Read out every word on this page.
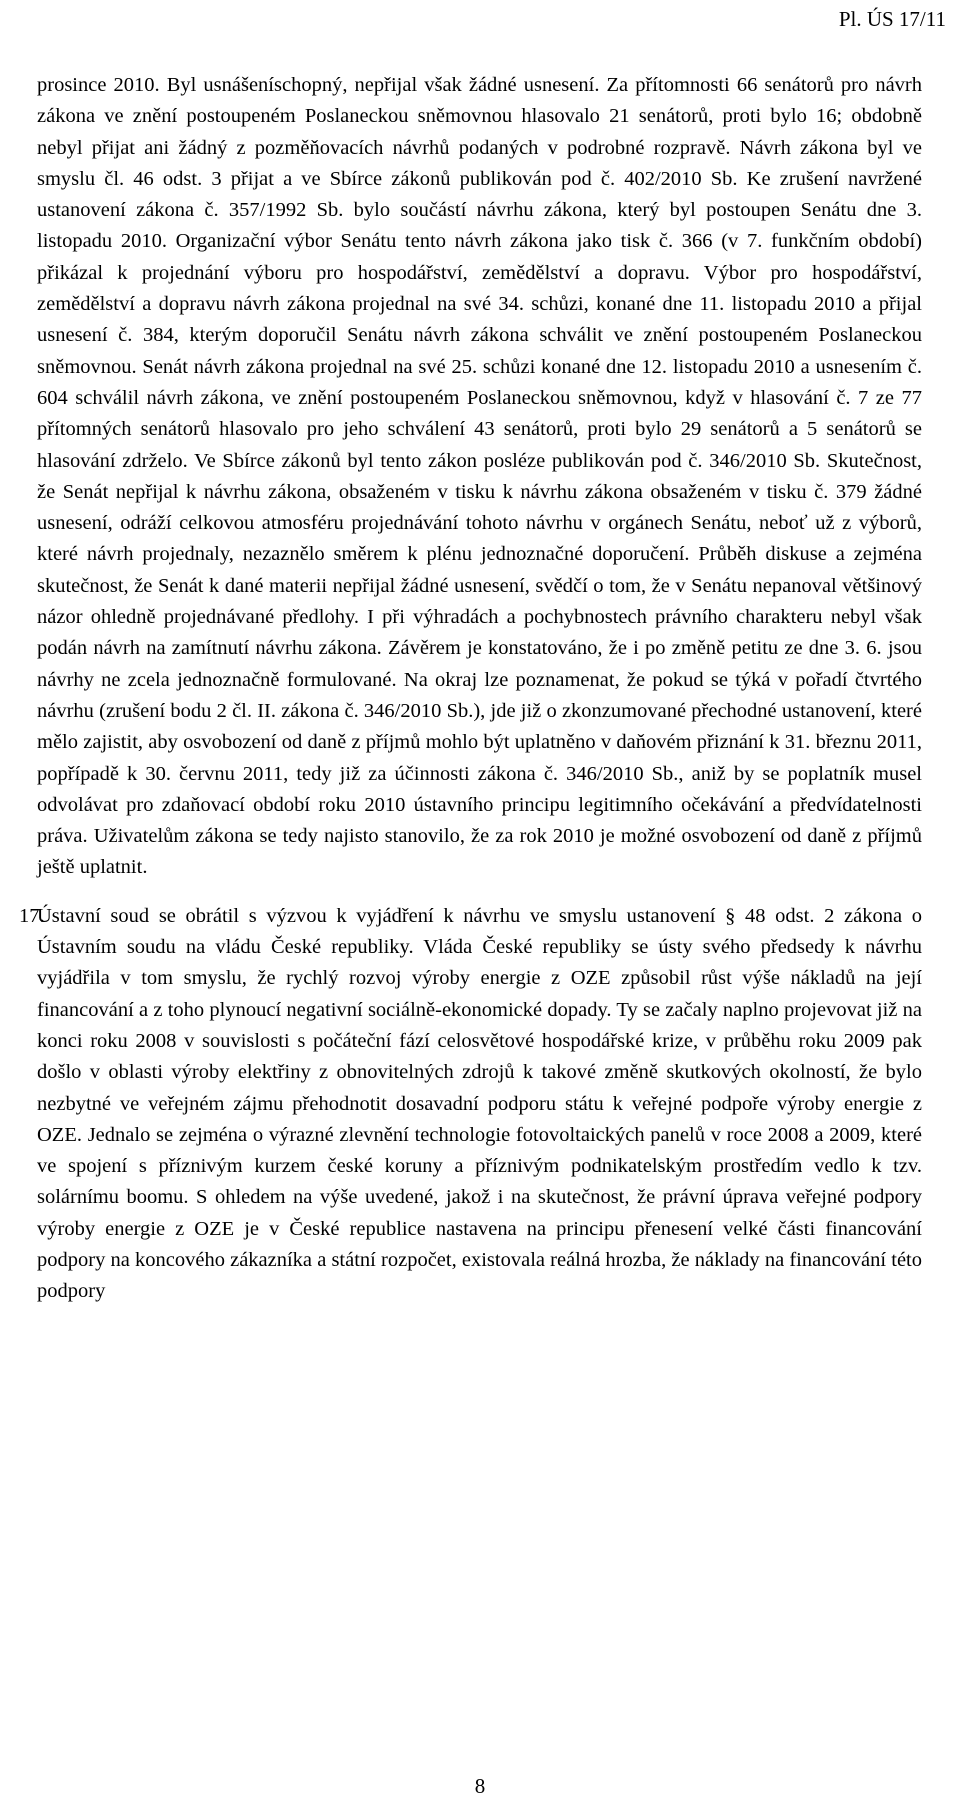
Pl. ÚS 17/11

prosince 2010. Byl usnášeníschopný, nepřijal však žádné usnesení. Za přítomnosti 66 senátorů pro návrh zákona ve znění postoupeném Poslaneckou sněmovnou hlasovalo 21 senátorů, proti bylo 16; obdobně nebyl přijat ani žádný z pozměňovacích návrhů podaných v podrobné rozpravě. Návrh zákona byl ve smyslu čl. 46 odst. 3 přijat a ve Sbírce zákonů publikován pod č. 402/2010 Sb. Ke zrušení navržené ustanovení zákona č. 357/1992 Sb. bylo součástí návrhu zákona, který byl postoupen Senátu dne 3. listopadu 2010. Organizační výbor Senátu tento návrh zákona jako tisk č. 366 (v 7. funkčním období) přikázal k projednání výboru pro hospodářství, zemědělství a dopravu. Výbor pro hospodářství, zemědělství a dopravu návrh zákona projednal na své 34. schůzi, konané dne 11. listopadu 2010 a přijal usnesení č. 384, kterým doporučil Senátu návrh zákona schválit ve znění postoupeném Poslaneckou sněmovnou. Senát návrh zákona projednal na své 25. schůzi konané dne 12. listopadu 2010 a usnesením č. 604 schválil návrh zákona, ve znění postoupeném Poslaneckou sněmovnou, když v hlasování č. 7 ze 77 přítomných senátorů hlasovalo pro jeho schválení 43 senátorů, proti bylo 29 senátorů a 5 senátorů se hlasování zdrželo. Ve Sbírce zákonů byl tento zákon posléze publikován pod č. 346/2010 Sb. Skutečnost, že Senát nepřijal k návrhu zákona, obsaženém v tisku k návrhu zákona obsaženém v tisku č. 379 žádné usnesení, odráží celkovou atmosféru projednávání tohoto návrhu v orgánech Senátu, neboť už z výborů, které návrh projednaly, nezaznělo směrem k plénu jednoznačné doporučení. Průběh diskuse a zejména skutečnost, že Senát k dané materii nepřijal žádné usnesení, svědčí o tom, že v Senátu nepanoval většinový názor ohledně projednávané předlohy. I při výhradách a pochybnostech právního charakteru nebyl však podán návrh na zamítnutí návrhu zákona. Závěrem je konstatováno, že i po změně petitu ze dne 3. 6. jsou návrhy ne zcela jednoznačně formulované. Na okraj lze poznamenat, že pokud se týká v pořadí čtvrtého návrhu (zrušení bodu 2 čl. II. zákona č. 346/2010 Sb.), jde již o zkonzumované přechodné ustanovení, které mělo zajistit, aby osvobození od daně z příjmů mohlo být uplatněno v daňovém přiznání k 31. březnu 2011, popřípadě k 30. červnu 2011, tedy již za účinnosti zákona č. 346/2010 Sb., aniž by se poplatník musel odvolávat pro zdaňovací období roku 2010 ústavního principu legitimního očekávání a předvídatelnosti práva. Uživatelům zákona se tedy najisto stanovilo, že za rok 2010 je možné osvobození od daně z příjmů ještě uplatnit.

17.

Ústavní soud se obrátil s výzvou k vyjádření k návrhu ve smyslu ustanovení § 48 odst. 2 zákona o Ústavním soudu na vládu České republiky. Vláda České republiky se ústy svého předsedy k návrhu vyjádřila v tom smyslu, že rychlý rozvoj výroby energie z OZE způsobil růst výše nákladů na její financování a z toho plynoucí negativní sociálně-ekonomické dopady. Ty se začaly naplno projevovat již na konci roku 2008 v souvislosti s počáteční fází celosvětové hospodářské krize, v průběhu roku 2009 pak došlo v oblasti výroby elektřiny z obnovitelných zdrojů k takové změně skutkových okolností, že bylo nezbytné ve veřejném zájmu přehodnotit dosavadní podporu státu k veřejné podpoře výroby energie z OZE. Jednalo se zejména o výrazné zlevnění technologie fotovoltaických panelů v roce 2008 a 2009, které ve spojení s příznivým kurzem české koruny a příznivým podnikatelským prostředím vedlo k tzv. solárnímu boomu. S ohledem na výše uvedené, jakož i na skutečnost, že právní úprava veřejné podpory výroby energie z OZE je v České republice nastavena na principu přenesení velké části financování podpory na koncového zákazníka a státní rozpočet, existovala reálná hrozba, že náklady na financování této podpory

8
